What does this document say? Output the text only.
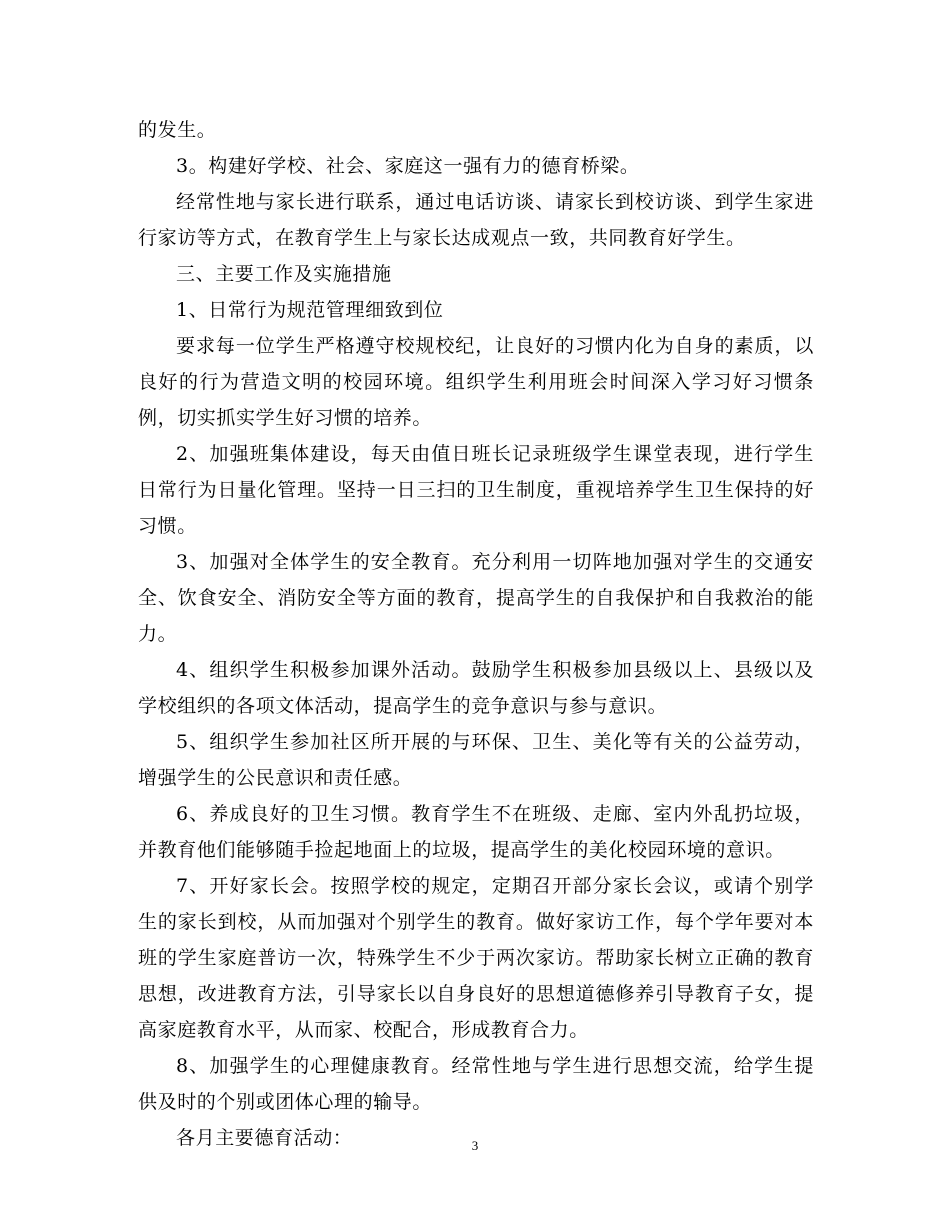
的发生。

3。构建好学校、社会、家庭这一强有力的德育桥梁。

经常性地与家长进行联系，通过电话访谈、请家长到校访谈、到学生家进行家访等方式，在教育学生上与家长达成观点一致，共同教育好学生。

三、主要工作及实施措施

1、日常行为规范管理细致到位

要求每一位学生严格遵守校规校纪，让良好的习惯内化为自身的素质，以良好的行为营造文明的校园环境。组织学生利用班会时间深入学习好习惯条例，切实抓实学生好习惯的培养。

2、加强班集体建设，每天由值日班长记录班级学生课堂表现，进行学生日常行为日量化管理。坚持一日三扫的卫生制度，重视培养学生卫生保持的好习惯。

3、加强对全体学生的安全教育。充分利用一切阵地加强对学生的交通安全、饮食安全、消防安全等方面的教育，提高学生的自我保护和自我救治的能力。

4、组织学生积极参加课外活动。鼓励学生积极参加县级以上、县级以及学校组织的各项文体活动，提高学生的竞争意识与参与意识。

5、组织学生参加社区所开展的与环保、卫生、美化等有关的公益劳动，增强学生的公民意识和责任感。

6、养成良好的卫生习惯。教育学生不在班级、走廊、室内外乱扔垃圾，并教育他们能够随手捡起地面上的垃圾，提高学生的美化校园环境的意识。

7、开好家长会。按照学校的规定，定期召开部分家长会议，或请个别学生的家长到校，从而加强对个别学生的教育。做好家访工作，每个学年要对本班的学生家庭普访一次，特殊学生不少于两次家访。帮助家长树立正确的教育思想，改进教育方法，引导家长以自身良好的思想道德修养引导教育子女，提高家庭教育水平，从而家、校配合，形成教育合力。

8、加强学生的心理健康教育。经常性地与学生进行思想交流，给学生提供及时的个别或团体心理的输导。

各月主要德育活动：	3
